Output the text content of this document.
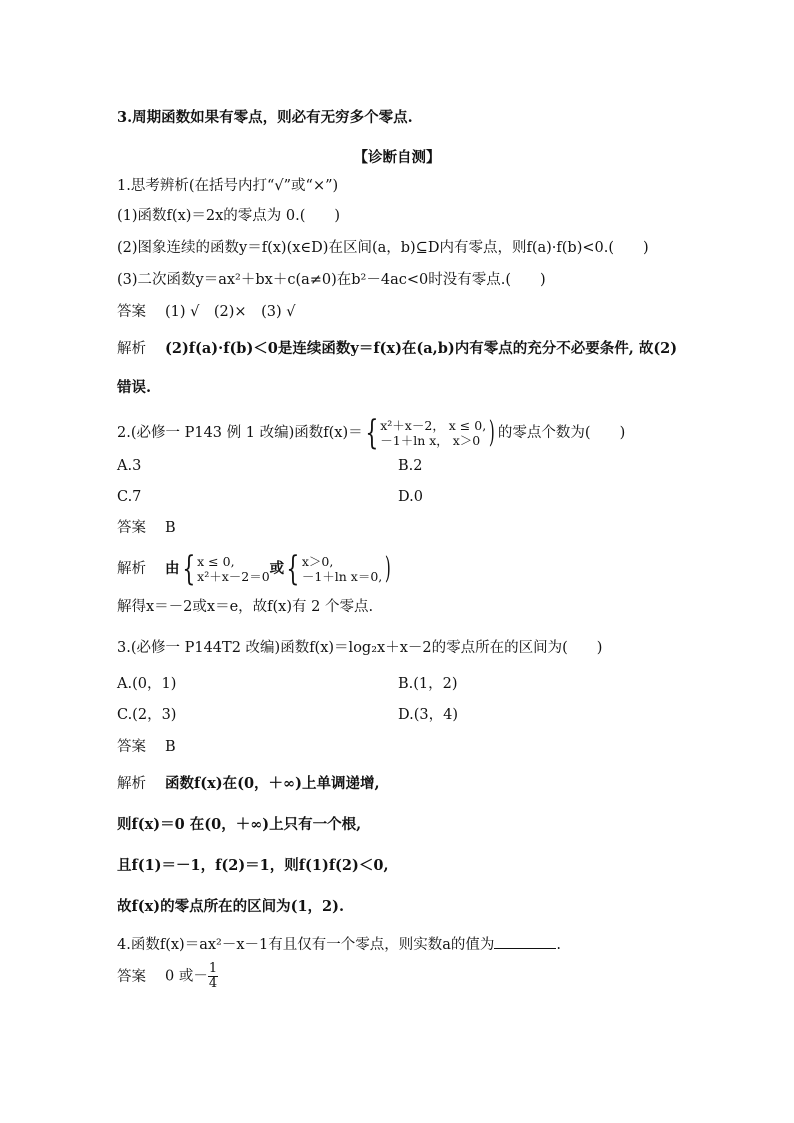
3.周期函数如果有零点，则必有无穷多个零点.
【诊断自测】
1.思考辨析(在括号内打“√”或“×”)
(1)函数f(x)＝2x的零点为 0.(　　)
(2)图象连续的函数y＝f(x)(x∈D)在区间(a，b)⊆D内有零点，则f(a)·f(b)<0.(　　)
(3)二次函数y＝ax²＋bx＋c(a≠0)在b²－4ac<0时没有零点.(　　)
答案 (1) √　(2)×　(3) √
解析 (2)f(a)·f(b)＜0是连续函数y＝f(x)在(a,b)内有零点的充分不必要条件, 故(2)
错误.
2.(必修一 P143 例 1 改编)函数f(x)＝{ x²＋x－2， x ≤ 0,
－1＋ln x， x＞0 ) 的零点个数为(　　)
A.3	B.2
C.7	D.0
答案 B
解析 由{ x ≤ 0,
x²＋x－2＝0 或{ x＞0,
－1＋ln x＝0, )
解得x＝－2或x＝e，故f(x)有 2 个零点.
3.(必修一 P144T2 改编)函数f(x)＝log₂x＋x－2的零点所在的区间为(　　)
A.(0，1)	B.(1，2)
C.(2，3)	D.(3，4)
答案 B
解析 函数f(x)在(0，＋∞)上单调递增,
则f(x)＝0 在(0，＋∞)上只有一个根,
且f(1)＝－1，f(2)＝1，则f(1)f(2)＜0,
故f(x)的零点所在的区间为(1，2).
4.函数f(x)＝ax²－x－1有且仅有一个零点，则实数a的值为	.
答案 0 或－ $\frac{1}{4}$
